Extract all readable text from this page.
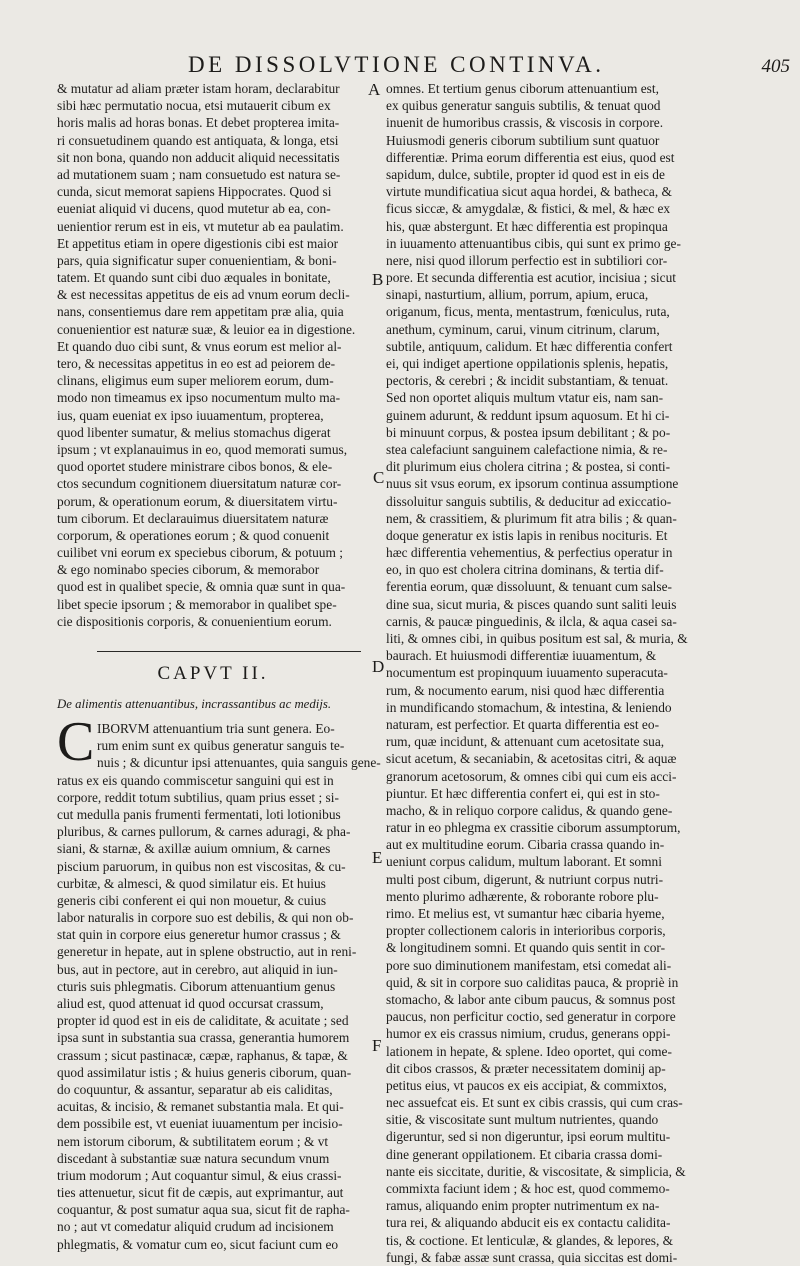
DE DISSOLVTIONE CONTINVA.	405
& mutatur ad aliam præter istam horam, declarabitur
sibi hæc permutatio nocua, etsi mutauerit cibum ex
horis malis ad horas bonas. Et debet propterea imita-
ri consuetudinem quando est antiquata, & longa, etsi
sit non bona, quando non adducit aliquid necessitatis
ad mutationem suam ; nam consuetudo est natura se-
cunda, sicut memorat sapiens Hippocrates. Quod si
eueniat aliquid vi ducens, quod mutetur ab ea, con-
uenientior rerum est in eis, vt mutetur ab ea paulatim.
Et appetitus etiam in opere digestionis cibi est maior
pars, quia significatur super conuenientiam, & boni-
tatem. Et quando sunt cibi duo æquales in bonitate,
& est necessitas appetitus de eis ad vnum eorum decli-
nans, consentiemus dare rem appetitam præ alia, quia
conuenientior est naturæ suæ, & leuior ea in digestione.
Et quando duo cibi sunt, & vnus eorum est melior al-
tero, & necessitas appetitus in eo est ad peiorem de-
clinans, eligimus eum super meliorem eorum, dum-
modo non timeamus ex ipso nocumentum multo ma-
ius, quam eueniat ex ipso iuuamentum, propterea,
quod libenter sumatur, & melius stomachus digerat
ipsum ; vt explanauimus in eo, quod memorati sumus,
quod oportet studere ministrare cibos bonos, & ele-
ctos secundum cognitionem diuersitatum naturæ cor-
porum, & operationum eorum, & diuersitatem virtu-
tum ciborum. Et declarauimus diuersitatem naturæ
corporum, & operationes eorum ; & quod conuenit
cuilibet vni eorum ex speciebus ciborum, & potuum ;
& ego nominabo species ciborum, & memorabor
quod est in qualibet specie, & omnia quæ sunt in qua-
libet specie ipsorum ; & memorabor in qualibet spe-
cie dispositionis corporis, & conuenientium eorum.
CAPVT II.
De alimentis attenuantibus, incrassantibus ac medijs.
C IBORVM attenuantium tria sunt genera. Eo-
rum enim sunt ex quibus generatur sanguis te-
nuis ; & dicuntur ipsi attenuantes, quia sanguis gene-
ratus ex eis quando commiscetur sanguini qui est in
corpore, reddit totum subtilius, quam prius esset ; si-
cut medulla panis frumenti fermentati, loti lotionibus
pluribus, & carnes pullorum, & carnes aduragi, & pha-
siani, & starnæ, & axillæ auium omnium, & carnes
piscium paruorum, in quibus non est viscositas, & cu-
curbitæ, & almesci, & quod similatur eis. Et huius
generis cibi conferent ei qui non mouetur, & cuius
labor naturalis in corpore suo est debilis, & qui non ob-
stat quin in corpore eius generetur humor crassus ; &
generetur in hepate, aut in splene obstructio, aut in reni-
bus, aut in pectore, aut in cerebro, aut aliquid in iun-
cturis suis phlegmatis. Ciborum attenuantium genus
aliud est, quod attenuat id quod occursat crassum,
propter id quod est in eis de caliditate, & acuitate ; sed
ipsa sunt in substantia sua crassa, generantia humorem
crassum ; sicut pastinacæ, cæpæ, raphanus, & tapæ, &
quod assimilatur istis ; & huius generis ciborum, quan-
do coquuntur, & assantur, separatur ab eis caliditas,
acuitas, & incisio, & remanet substantia mala. Et qui-
dem possibile est, vt eueniat iuuamentum per incisio-
nem istorum ciborum, & subtilitatem eorum ; & vt
discedant à substantiæ suæ natura secundum vnum
trium modorum ; Aut coquantur simul, & eius crassi-
ties attenuetur, sicut fit de cæpis, aut exprimantur, aut
coquantur, & post sumatur aqua sua, sicut fit de rapha-
no ; aut vt comedatur aliquid crudum ad incisionem
phlegmatis, & vomatur cum eo, sicut faciunt cum eo
omnes. Et tertium genus ciborum attenuantium est,
ex quibus generatur sanguis subtilis, & tenuat quod
inuenit de humoribus crassis, & viscosis in corpore.
Huiusmodi generis ciborum subtilium sunt quatuor
differentiæ. Prima eorum differentia est eius, quod est
sapidum, dulce, subtile, propter id quod est in eis de
virtute mundificatiua sicut aqua hordei, & batheca, &
ficus siccæ, & amygdalæ, & fistici, & mel, & hæc ex
his, quæ abstergunt. Et hæc differentia est propinqua
in iuuamento attenuantibus cibis, qui sunt ex primo ge-
nere, nisi quod illorum perfectio est in subtiliori cor-
pore. Et secunda differentia est acutior, incisiua ; sicut
sinapi, nasturtium, allium, porrum, apium, eruca,
origanum, ficus, menta, mentastrum, fœniculus, ruta,
anethum, cyminum, carui, vinum citrinum, clarum,
subtile, antiquum, calidum. Et hæc differentia confert
ei, qui indiget apertione oppilationis splenis, hepatis,
pectoris, & cerebri ; & incidit substantiam, & tenuat.
Sed non oportet aliquis multum vtatur eis, nam san-
guinem adurunt, & reddunt ipsum aquosum. Et hi ci-
bi minuunt corpus, & postea ipsum debilitant ; & po-
stea calefaciunt sanguinem calefactione nimia, & re-
dit plurimum eius cholera citrina ; & postea, si conti-
nuus sit vsus eorum, ex ipsorum continua assumptione
dissoluitur sanguis subtilis, & deducitur ad exiccatio-
nem, & crassitiem, & plurimum fit atra bilis ; & quan-
doque generatur ex istis lapis in renibus nocituris. Et
hæc differentia vehementius, & perfectius operatur in
eo, in quo est cholera citrina dominans, & tertia dif-
ferentia eorum, quæ dissoluunt, & tenuant cum salse-
dine sua, sicut muria, & pisces quando sunt saliti leuis
carnis, & paucæ pinguedinis, & ilcla, & aqua casei sa-
liti, & omnes cibi, in quibus positum est sal, & muria, &
baurach. Et huiusmodi differentiæ iuuamentum, &
nocumentum est propinquum iuuamento superacuta-
rum, & nocumento earum, nisi quod hæc differentia
in mundificando stomachum, & intestina, & leniendo
naturam, est perfectior. Et quarta differentia est eo-
rum, quæ incidunt, & attenuant cum acetositate sua,
sicut acetum, & secaniabin, & acetositas citri, & aquæ
granorum acetosorum, & omnes cibi qui cum eis acci-
piuntur. Et hæc differentia confert ei, qui est in sto-
macho, & in reliquo corpore calidus, & quando gene-
ratur in eo phlegma ex crassitie ciborum assumptorum,
aut ex multitudine eorum. Cibaria crassa quando in-
ueniunt corpus calidum, multum laborant. Et somni
multi post cibum, digerunt, & nutriunt corpus nutri-
mento plurimo adhærente, & roborante robore plu-
rimo. Et melius est, vt sumantur hæc cibaria hyeme,
propter collectionem caloris in interioribus corporis,
& longitudinem somni. Et quando quis sentit in cor-
pore suo diminutionem manifestam, etsi comedat ali-
quid, & sit in corpore suo caliditas pauca, & propriè in
stomacho, & labor ante cibum paucus, & somnus post
paucus, non perficitur coctio, sed generatur in corpore
humor ex eis crassus nimium, crudus, generans oppi-
lationem in hepate, & splene. Ideo oportet, qui come-
dit cibos crassos, & præter necessitatem dominij ap-
petitus eius, vt paucos ex eis accipiat, & commixtos,
nec assuefcat eis. Et sunt ex cibis crassis, qui cum cras-
sitie, & viscositate sunt multum nutrientes, quando
digeruntur, sed si non digeruntur, ipsi eorum multitu-
dine generant oppilationem. Et cibaria crassa domi-
nante eis siccitate, duritie, & viscositate, & simplicia, &
commixta faciunt idem ; & hoc est, quod commemo-
ramus, aliquando enim propter nutrimentum ex na-
tura rei, & aliquando abducit eis ex contactu calidita-
tis, & coctione. Et lenticulæ, & glandes, & lepores, &
fungi, & fabæ assæ sunt crassa, quia siccitas est domi-
A
B
C
D
E
F
